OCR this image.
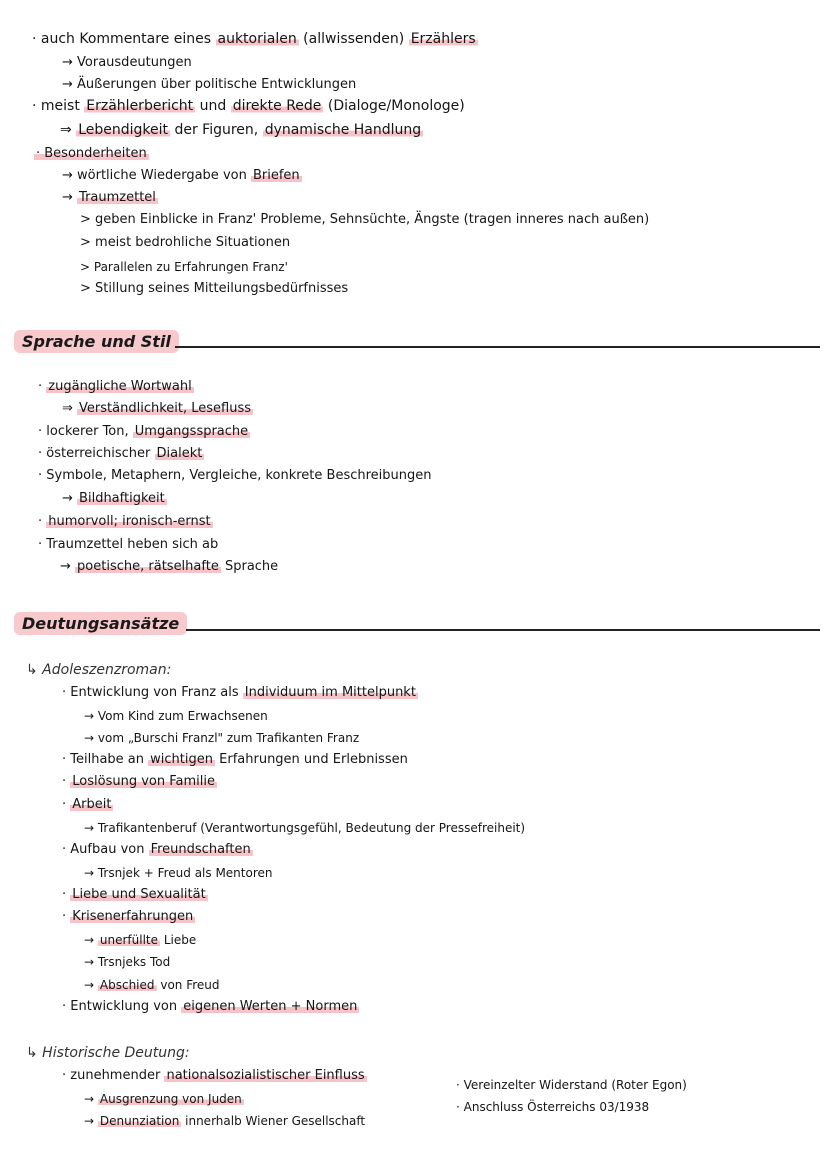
· auch Kommentare eines auktorialen (allwissenden) Erzählers
→ Vorausdeutungen
→ Äußerungen über politische Entwicklungen
· meist Erzählerbericht und direkte Rede (Dialoge/Monologe)
⇒ Lebendigkeit der Figuren, dynamische Handlung
· Besonderheiten
→ wörtliche Wiedergabe von Briefen
→ Traumzettel
> geben Einblicke in Franz' Probleme, Sehnsüchte, Ängste (tragen inneres nach außen)
> meist bedrohliche Situationen
> Parallelen zu Erfahrungen Franz'
> Stillung seines Mitteilungsbedürfnisses
Sprache und Stil
· zugängliche Wortwahl
⇒ Verständlichkeit, Lesefluss
· lockerer Ton, Umgangssprache
· österreichischer Dialekt
· Symbole, Metaphern, Vergleiche, konkrete Beschreibungen
→ Bildhaftigkeit
· humorvoll; ironisch-ernst
· Traumzettel heben sich ab
→ poetische, rätselhafte Sprache
Deutungsansätze
↳ Adoleszenzroman:
· Entwicklung von Franz als Individuum im Mittelpunkt
→ Vom Kind zum Erwachsenen
→ vom „Burschi Franzl" zum Trafikanten Franz
· Teilhabe an wichtigen Erfahrungen und Erlebnissen
· Loslösung von Familie
· Arbeit
→ Trafikantenberuf (Verantwortungsgefühl, Bedeutung der Pressefreiheit)
· Aufbau von Freundschaften
→ Trsnjek + Freud als Mentoren
· Liebe und Sexualität
· Krisenerfahrungen
→ unerfüllte Liebe
→ Trsnjeks Tod
→ Abschied von Freud
· Entwicklung von eigenen Werten + Normen
↳ Historische Deutung:
· zunehmender nationalsozialistischer Einfluss
→ Ausgrenzung von Juden
→ Denunziation innerhalb Wiener Gesellschaft
· Vereinzelter Widerstand (Roter Egon)
· Anschluss Österreichs 03/1938
